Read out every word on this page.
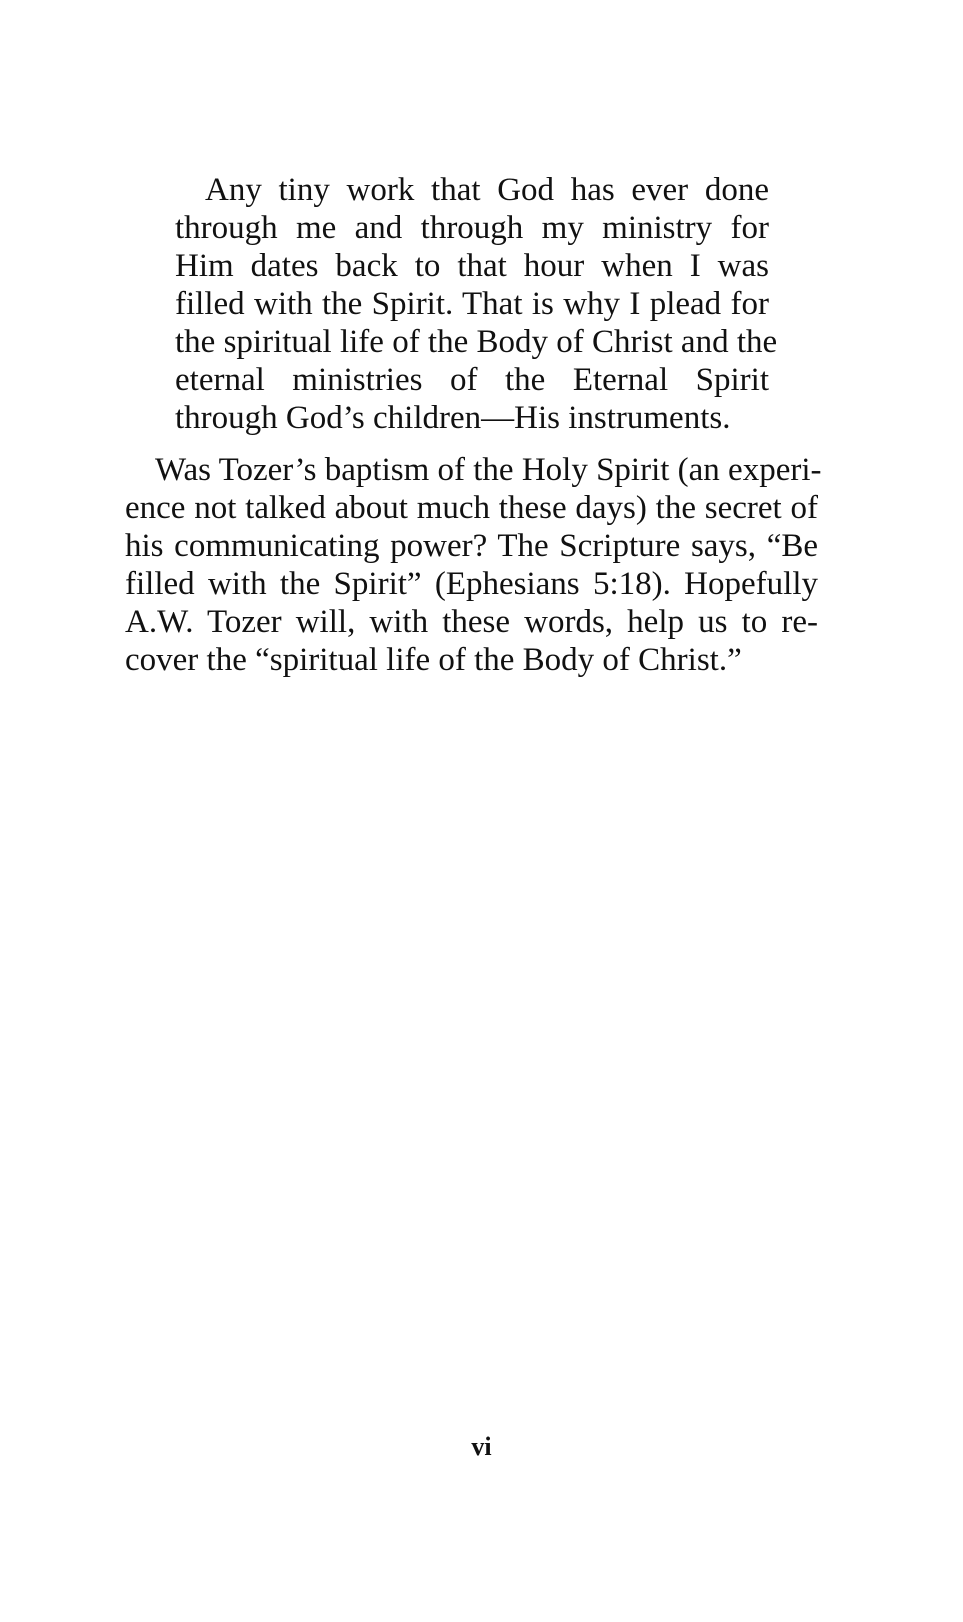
Any tiny work that God has ever done
through me and through my ministry for
Him dates back to that hour when I was
filled with the Spirit. That is why I plead for
the spiritual life of the Body of Christ and the
eternal ministries of the Eternal Spirit
through God’s children—His instruments.
Was Tozer’s baptism of the Holy Spirit (an experi-
ence not talked about much these days) the secret of
his communicating power? The Scripture says, “Be
filled with the Spirit” (Ephesians 5:18). Hopefully
A.W. Tozer will, with these words, help us to re-
cover the “spiritual life of the Body of Christ.”
vi
